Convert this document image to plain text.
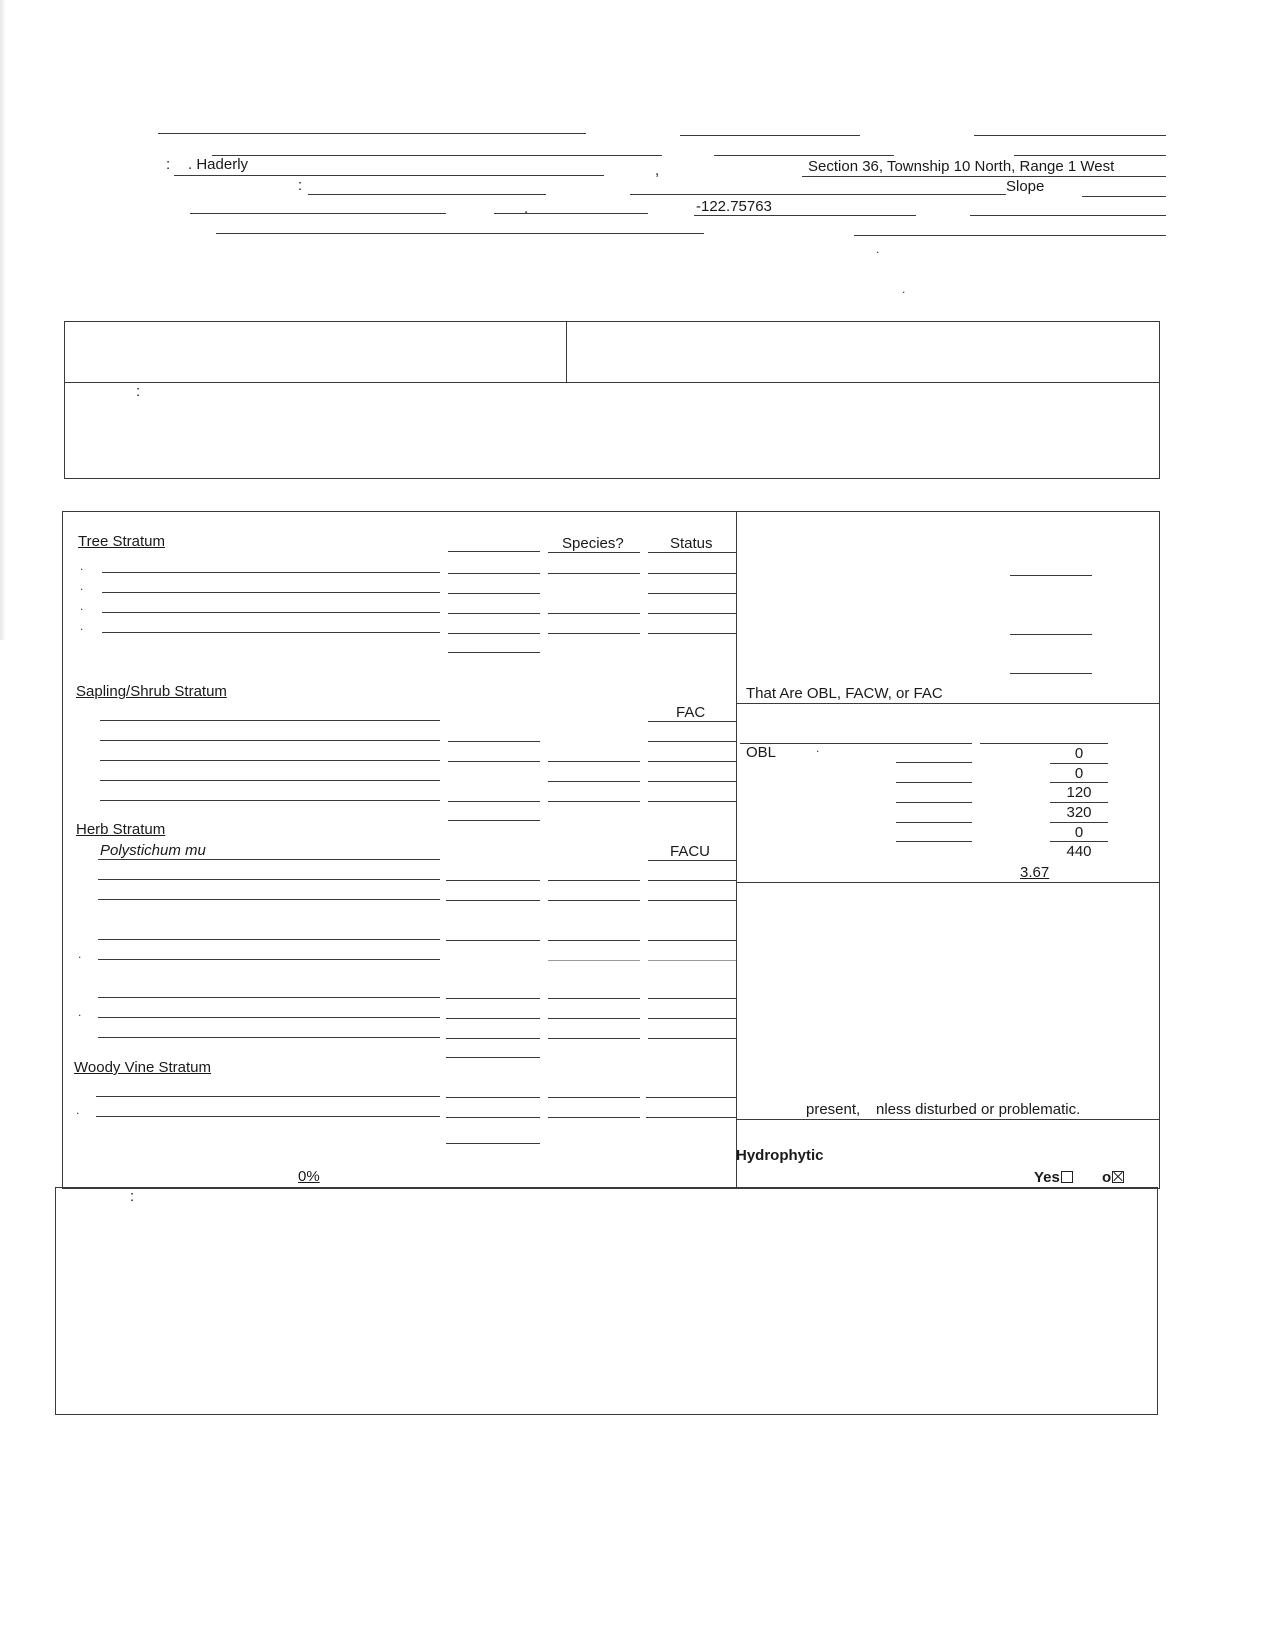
: . Haderly	,	Section 36, Township 10 North, Range 1 West
:	Slope
.	-122.75763
.
.
:
Tree Stratum	Species?	Status
.
.
.
.
Sapling/Shrub Stratum
FAC
Herb Stratum
Polystichum mu	FACU
.
.
Woody Vine Stratum
.
0%
That Are OBL, FACW, or FAC
OBL	.	0
0
120
320
0
440
3.67
present, nless disturbed or problematic.
Hydrophytic
Yes	o
:
